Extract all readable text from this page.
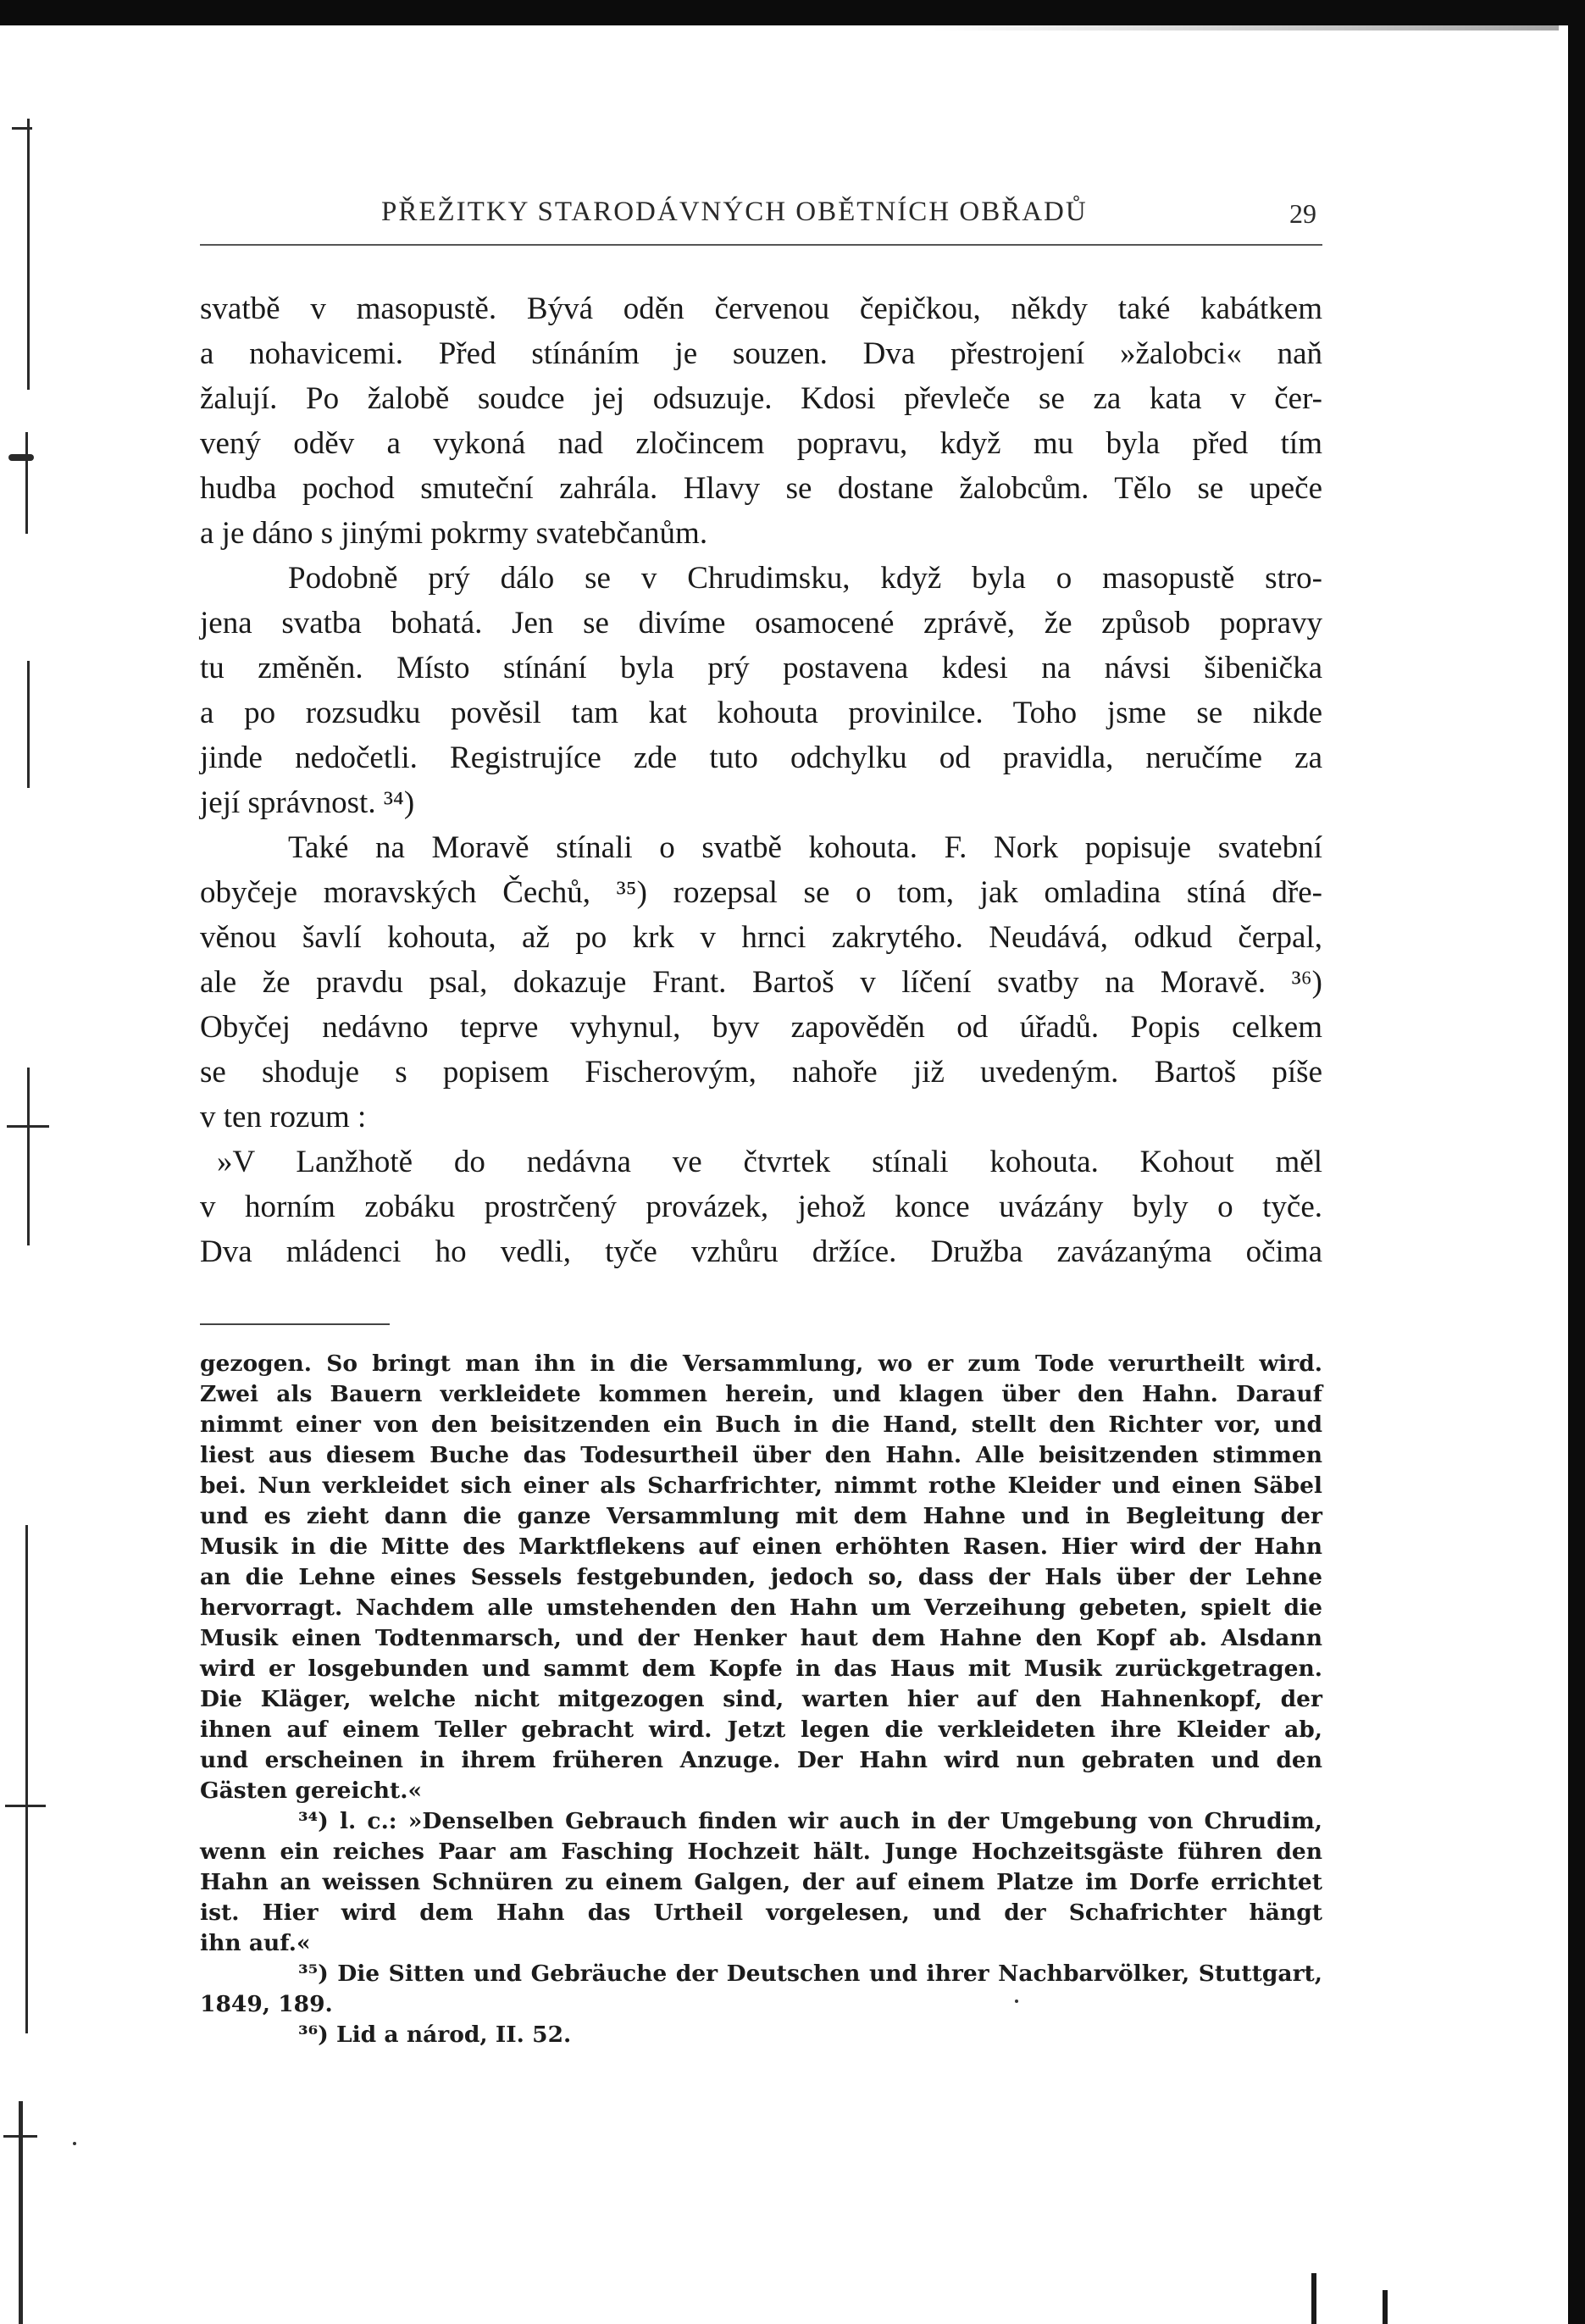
PŘEŽITKY STARODÁVNÝCH OBĚTNÍCH OBŘADŮ	29
svatbě v masopustě. Bývá oděn červenou čepičkou, někdy také kabátkem
a nohavicemi. Před stínáním je souzen. Dva přestrojení »žalobci« naň
žalují. Po žalobě soudce jej odsuzuje. Kdosi převleče se za kata v čer-
vený oděv a vykoná nad zločincem popravu, když mu byla před tím
hudba pochod smuteční zahrála. Hlavy se dostane žalobcům. Tělo se upeče
a je dáno s jinými pokrmy svatebčanům.
Podobně prý dálo se v Chrudimsku, když byla o masopustě stro-
jena svatba bohatá. Jen se divíme osamocené zprávě, že způsob popravy
tu změněn. Místo stínání byla prý postavena kdesi na návsi šibenička
a po rozsudku pověsil tam kat kohouta provinilce. Toho jsme se nikde
jinde nedočetli. Registrujíce zde tuto odchylku od pravidla, neručíme za
její správnost. ³⁴)
Také na Moravě stínali o svatbě kohouta. F. Nork popisuje svatební
obyčeje moravských Čechů, ³⁵) rozepsal se o tom, jak omladina stíná dře-
věnou šavlí kohouta, až po krk v hrnci zakrytého. Neudává, odkud čerpal,
ale že pravdu psal, dokazuje Frant. Bartoš v líčení svatby na Moravě. ³⁶)
Obyčej nedávno teprve vyhynul, byv zapověděn od úřadů. Popis celkem
se shoduje s popisem Fischerovým, nahoře již uvedeným. Bartoš píše
v ten rozum :
»V Lanžhotě do nedávna ve čtvrtek stínali kohouta. Kohout měl
v horním zobáku prostrčený provázek, jehož konce uvázány byly o tyče.
Dva mládenci ho vedli, tyče vzhůru držíce. Družba zavázanýma očima
gezogen. So bringt man ihn in die Versammlung, wo er zum Tode verurtheilt wird.
Zwei als Bauern verkleidete kommen herein, und klagen über den Hahn. Darauf
nimmt einer von den beisitzenden ein Buch in die Hand, stellt den Richter vor, und
liest aus diesem Buche das Todesurtheil über den Hahn. Alle beisitzenden stimmen
bei. Nun verkleidet sich einer als Scharfrichter, nimmt rothe Kleider und einen Säbel
und es zieht dann die ganze Versammlung mit dem Hahne und in Begleitung der
Musik in die Mitte des Marktflekens auf einen erhöhten Rasen. Hier wird der Hahn
an die Lehne eines Sessels festgebunden, jedoch so, dass der Hals über der Lehne
hervorragt. Nachdem alle umstehenden den Hahn um Verzeihung gebeten, spielt die
Musik einen Todtenmarsch, und der Henker haut dem Hahne den Kopf ab. Alsdann
wird er losgebunden und sammt dem Kopfe in das Haus mit Musik zurückgetragen.
Die Kläger, welche nicht mitgezogen sind, warten hier auf den Hahnenkopf, der
ihnen auf einem Teller gebracht wird. Jetzt legen die verkleideten ihre Kleider ab,
und erscheinen in ihrem früheren Anzuge. Der Hahn wird nun gebraten und den
Gästen gereicht.«
³⁴) l. c.: »Denselben Gebrauch finden wir auch in der Umgebung von Chrudim,
wenn ein reiches Paar am Fasching Hochzeit hält. Junge Hochzeitsgäste führen den
Hahn an weissen Schnüren zu einem Galgen, der auf einem Platze im Dorfe errichtet
ist. Hier wird dem Hahn das Urtheil vorgelesen, und der Schafrichter hängt
ihn auf.«
³⁵) Die Sitten und Gebräuche der Deutschen und ihrer Nachbarvölker, Stuttgart,
1849, 189.
³⁶) Lid a národ, II. 52.
